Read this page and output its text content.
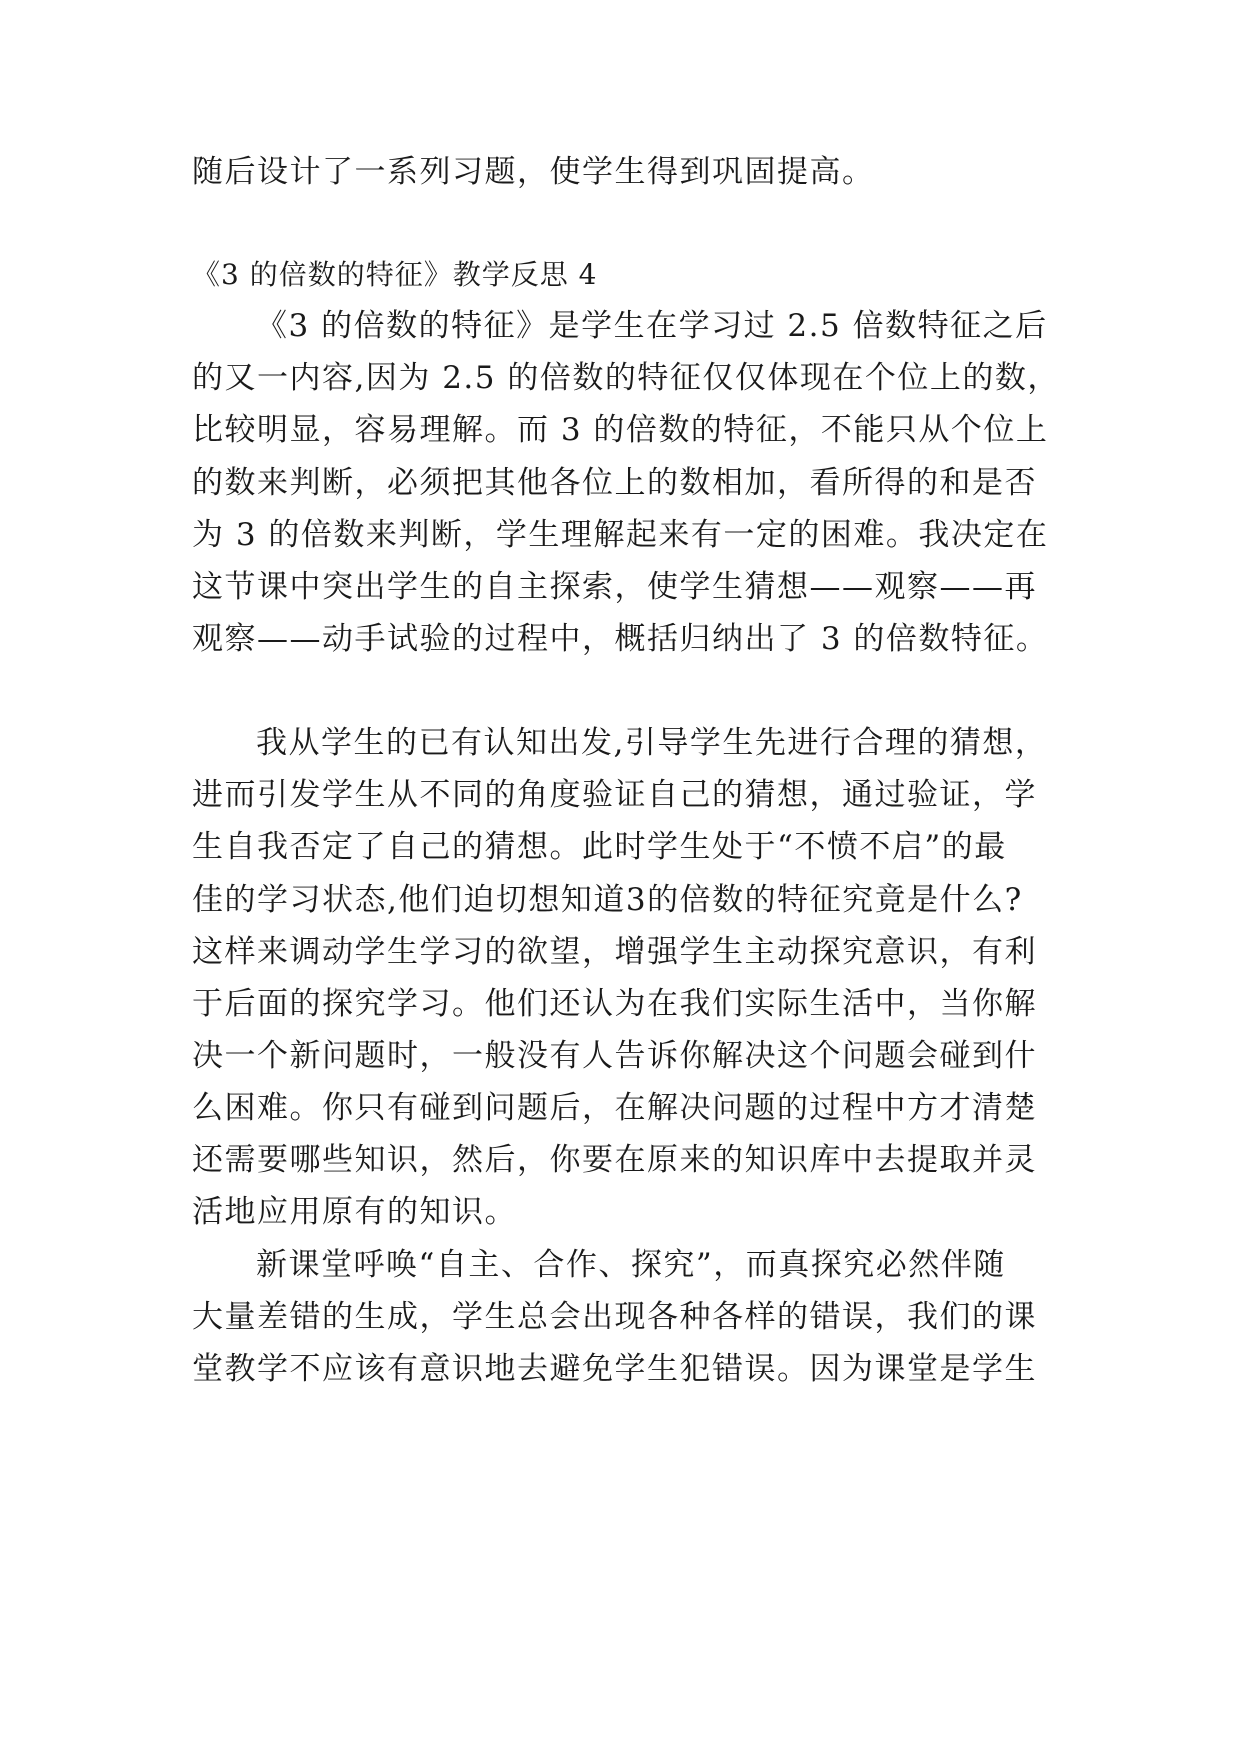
随后设计了一系列习题，使学生得到巩固提高。
《3 的倍数的特征》教学反思 4
《3 的倍数的特征》是学生在学习过 2.5 倍数特征之后
的又一内容,因为 2.5 的倍数的特征仅仅体现在个位上的数，
比较明显，容易理解。而 3 的倍数的特征，不能只从个位上
的数来判断，必须把其他各位上的数相加，看所得的和是否
为 3 的倍数来判断，学生理解起来有一定的困难。我决定在
这节课中突出学生的自主探索，使学生猜想——观察——再
观察——动手试验的过程中，概括归纳出了 3 的倍数特征。
我从学生的已有认知出发,引导学生先进行合理的猜想，
进而引发学生从不同的角度验证自己的猜想，通过验证，学
生自我否定了自己的猜想。此时学生处于“不愤不启”的最
佳的学习状态,他们迫切想知道3的倍数的特征究竟是什么?
这样来调动学生学习的欲望，增强学生主动探究意识，有利
于后面的探究学习。他们还认为在我们实际生活中，当你解
决一个新问题时，一般没有人告诉你解决这个问题会碰到什
么困难。你只有碰到问题后，在解决问题的过程中方才清楚
还需要哪些知识，然后，你要在原来的知识库中去提取并灵
活地应用原有的知识。
新课堂呼唤“自主、合作、探究”，而真探究必然伴随
大量差错的生成，学生总会出现各种各样的错误，我们的课
堂教学不应该有意识地去避免学生犯错误。因为课堂是学生
